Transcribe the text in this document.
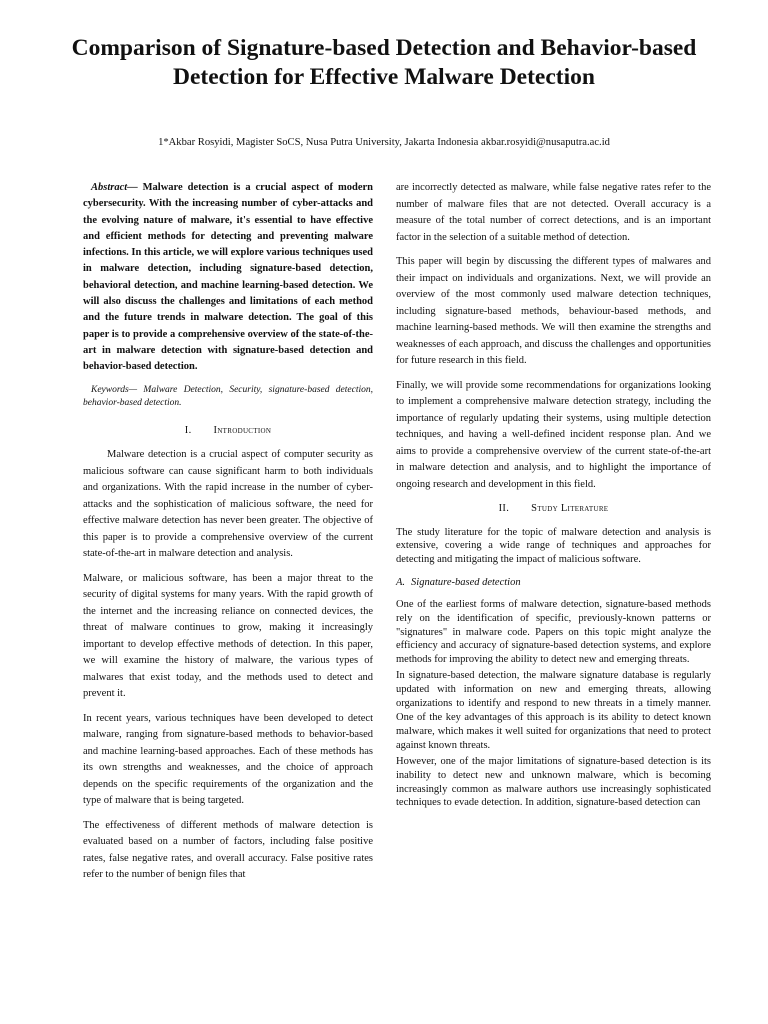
Comparison of Signature-based Detection and Behavior-based Detection for Effective Malware Detection

1*Akbar Rosyidi, Magister SoCS, Nusa Putra University, Jakarta Indonesia akbar.rosyidi@nusaputra.ac.id

Abstract— Malware detection is a crucial aspect of modern cybersecurity. With the increasing number of cyber-attacks and the evolving nature of malware, it's essential to have effective and efficient methods for detecting and preventing malware infections. In this article, we will explore various techniques used in malware detection, including signature-based detection, behavioral detection, and machine learning-based detection. We will also discuss the challenges and limitations of each method and the future trends in malware detection. The goal of this paper is to provide a comprehensive overview of the state-of-the-art in malware detection with signature-based detection and behavior-based detection.

Keywords— Malware Detection, Security, signature-based detection, behavior-based detection.

I. Introduction

Malware detection is a crucial aspect of computer security as malicious software can cause significant harm to both individuals and organizations. With the rapid increase in the number of cyber-attacks and the sophistication of malicious software, the need for effective malware detection has never been greater. The objective of this paper is to provide a comprehensive overview of the current state-of-the-art in malware detection and analysis.

Malware, or malicious software, has been a major threat to the security of digital systems for many years. With the rapid growth of the internet and the increasing reliance on connected devices, the threat of malware continues to grow, making it increasingly important to develop effective methods of detection. In this paper, we will examine the history of malware, the various types of malwares that exist today, and the methods used to detect and prevent it.

In recent years, various techniques have been developed to detect malware, ranging from signature-based methods to behavior-based and machine learning-based approaches. Each of these methods has its own strengths and weaknesses, and the choice of approach depends on the specific requirements of the organization and the type of malware that is being targeted.

The effectiveness of different methods of malware detection is evaluated based on a number of factors, including false positive rates, false negative rates, and overall accuracy. False positive rates refer to the number of benign files that

are incorrectly detected as malware, while false negative rates refer to the number of malware files that are not detected. Overall accuracy is a measure of the total number of correct detections, and is an important factor in the selection of a suitable method of detection.

This paper will begin by discussing the different types of malwares and their impact on individuals and organizations. Next, we will provide an overview of the most commonly used malware detection techniques, including signature-based methods, behaviour-based methods, and machine learning-based methods. We will then examine the strengths and weaknesses of each approach, and discuss the challenges and opportunities for future research in this field.

Finally, we will provide some recommendations for organizations looking to implement a comprehensive malware detection strategy, including the importance of regularly updating their systems, using multiple detection techniques, and having a well-defined incident response plan. And we aims to provide a comprehensive overview of the current state-of-the-art in malware detection and analysis, and to highlight the importance of ongoing research and development in this field.

II. Study Literature

The study literature for the topic of malware detection and analysis is extensive, covering a wide range of techniques and approaches for detecting and mitigating the impact of malicious software.

A. Signature-based detection

One of the earliest forms of malware detection, signature-based methods rely on the identification of specific, previously-known patterns or "signatures" in malware code. Papers on this topic might analyze the efficiency and accuracy of signature-based detection systems, and explore methods for improving the ability to detect new and emerging threats.

In signature-based detection, the malware signature database is regularly updated with information on new and emerging threats, allowing organizations to identify and respond to new threats in a timely manner. One of the key advantages of this approach is its ability to detect known malware, which makes it well suited for organizations that need to protect against known threats.

However, one of the major limitations of signature-based detection is its inability to detect new and unknown malware, which is becoming increasingly common as malware authors use increasingly sophisticated techniques to evade detection. In addition, signature-based detection can
